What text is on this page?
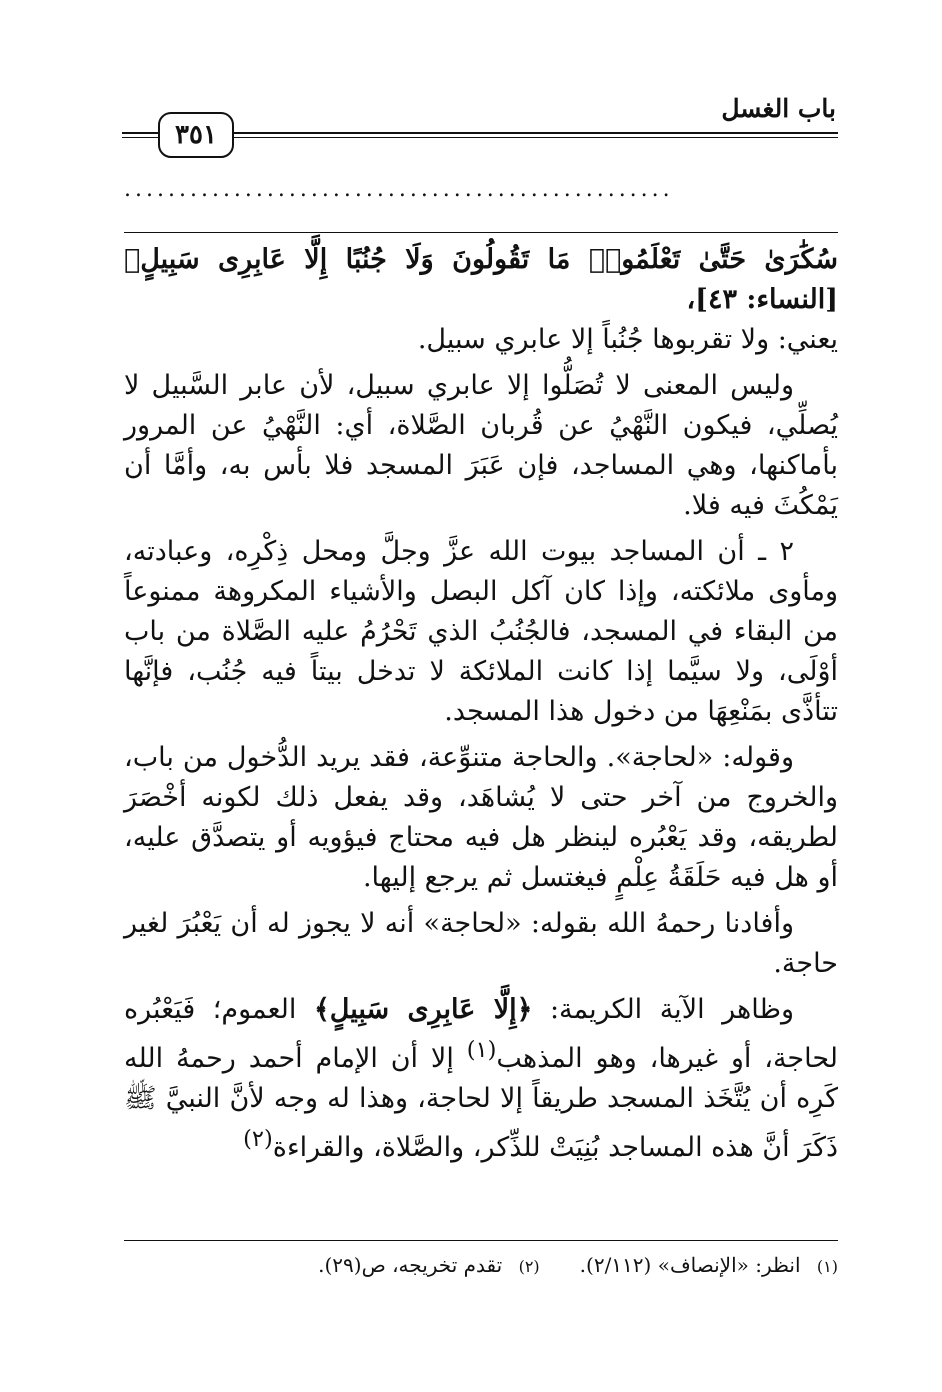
باب الغسل
٣٥١
..................................................

سُكَٰرَىٰ حَتَّىٰ تَعْلَمُوا۟ مَا تَقُولُونَ وَلَا جُنُبًا إِلَّا عَابِرِى سَبِيلٍ﴾ [النساء: ٤٣]،
يعني: ولا تقربوها جُنُباً إلا عابري سبيل.

وليس المعنى لا تُصَلُّوا إلا عابري سبيل، لأن عابر السَّبيل لا يُصلِّي، فيكون النَّهْيُ عن قُربان الصَّلاة، أي: النَّهْيُ عن المرور بأماكنها، وهي المساجد، فإن عَبَرَ المسجد فلا بأس به، وأمَّا أن يَمْكُثَ فيه فلا.

٢ ـ أن المساجد بيوت الله عزَّ وجلَّ ومحل ذِكْرِه، وعبادته، ومأوى ملائكته، وإذا كان آكل البصل والأشياء المكروهة ممنوعاً من البقاء في المسجد، فالجُنُبُ الذي تَحْرُمُ عليه الصَّلاة من باب أوْلَى، ولا سيَّما إذا كانت الملائكة لا تدخل بيتاً فيه جُنُب، فإنَّها تتأذَّى بمَنْعِهَا من دخول هذا المسجد.

وقوله: «لحاجة». والحاجة متنوِّعة، فقد يريد الدُّخول من باب، والخروج من آخر حتى لا يُشاهَد، وقد يفعل ذلك لكونه أخْصَرَ لطريقه، وقد يَعْبُره لينظر هل فيه محتاج فيؤويه أو يتصدَّق عليه، أو هل فيه حَلَقَةُ عِلْمٍ فيغتسل ثم يرجع إليها.

وأفادنا رحمهُ الله بقوله: «لحاجة» أنه لا يجوز له أن يَعْبُرَ لغير حاجة.

وظاهر الآية الكريمة: ﴿إِلَّا عَابِرِى سَبِيلٍ﴾ العموم؛ فَيَعْبُره لحاجة، أو غيرها، وهو المذهب$^{(١)}$ إلا أن الإمام أحمد رحمهُ الله كَرِه أن يُتَّخَذ المسجد طريقاً إلا لحاجة، وهذا له وجه لأنَّ النبيَّ ﷺ ذَكَرَ أنَّ هذه المساجد بُنِيَتْ للذِّكر، والصَّلاة، والقراءة$^{(٢)}$

(١) انظر: «الإنصاف» (٢/١١٢).
(٢) تقدم تخريجه، ص(٢٩).
